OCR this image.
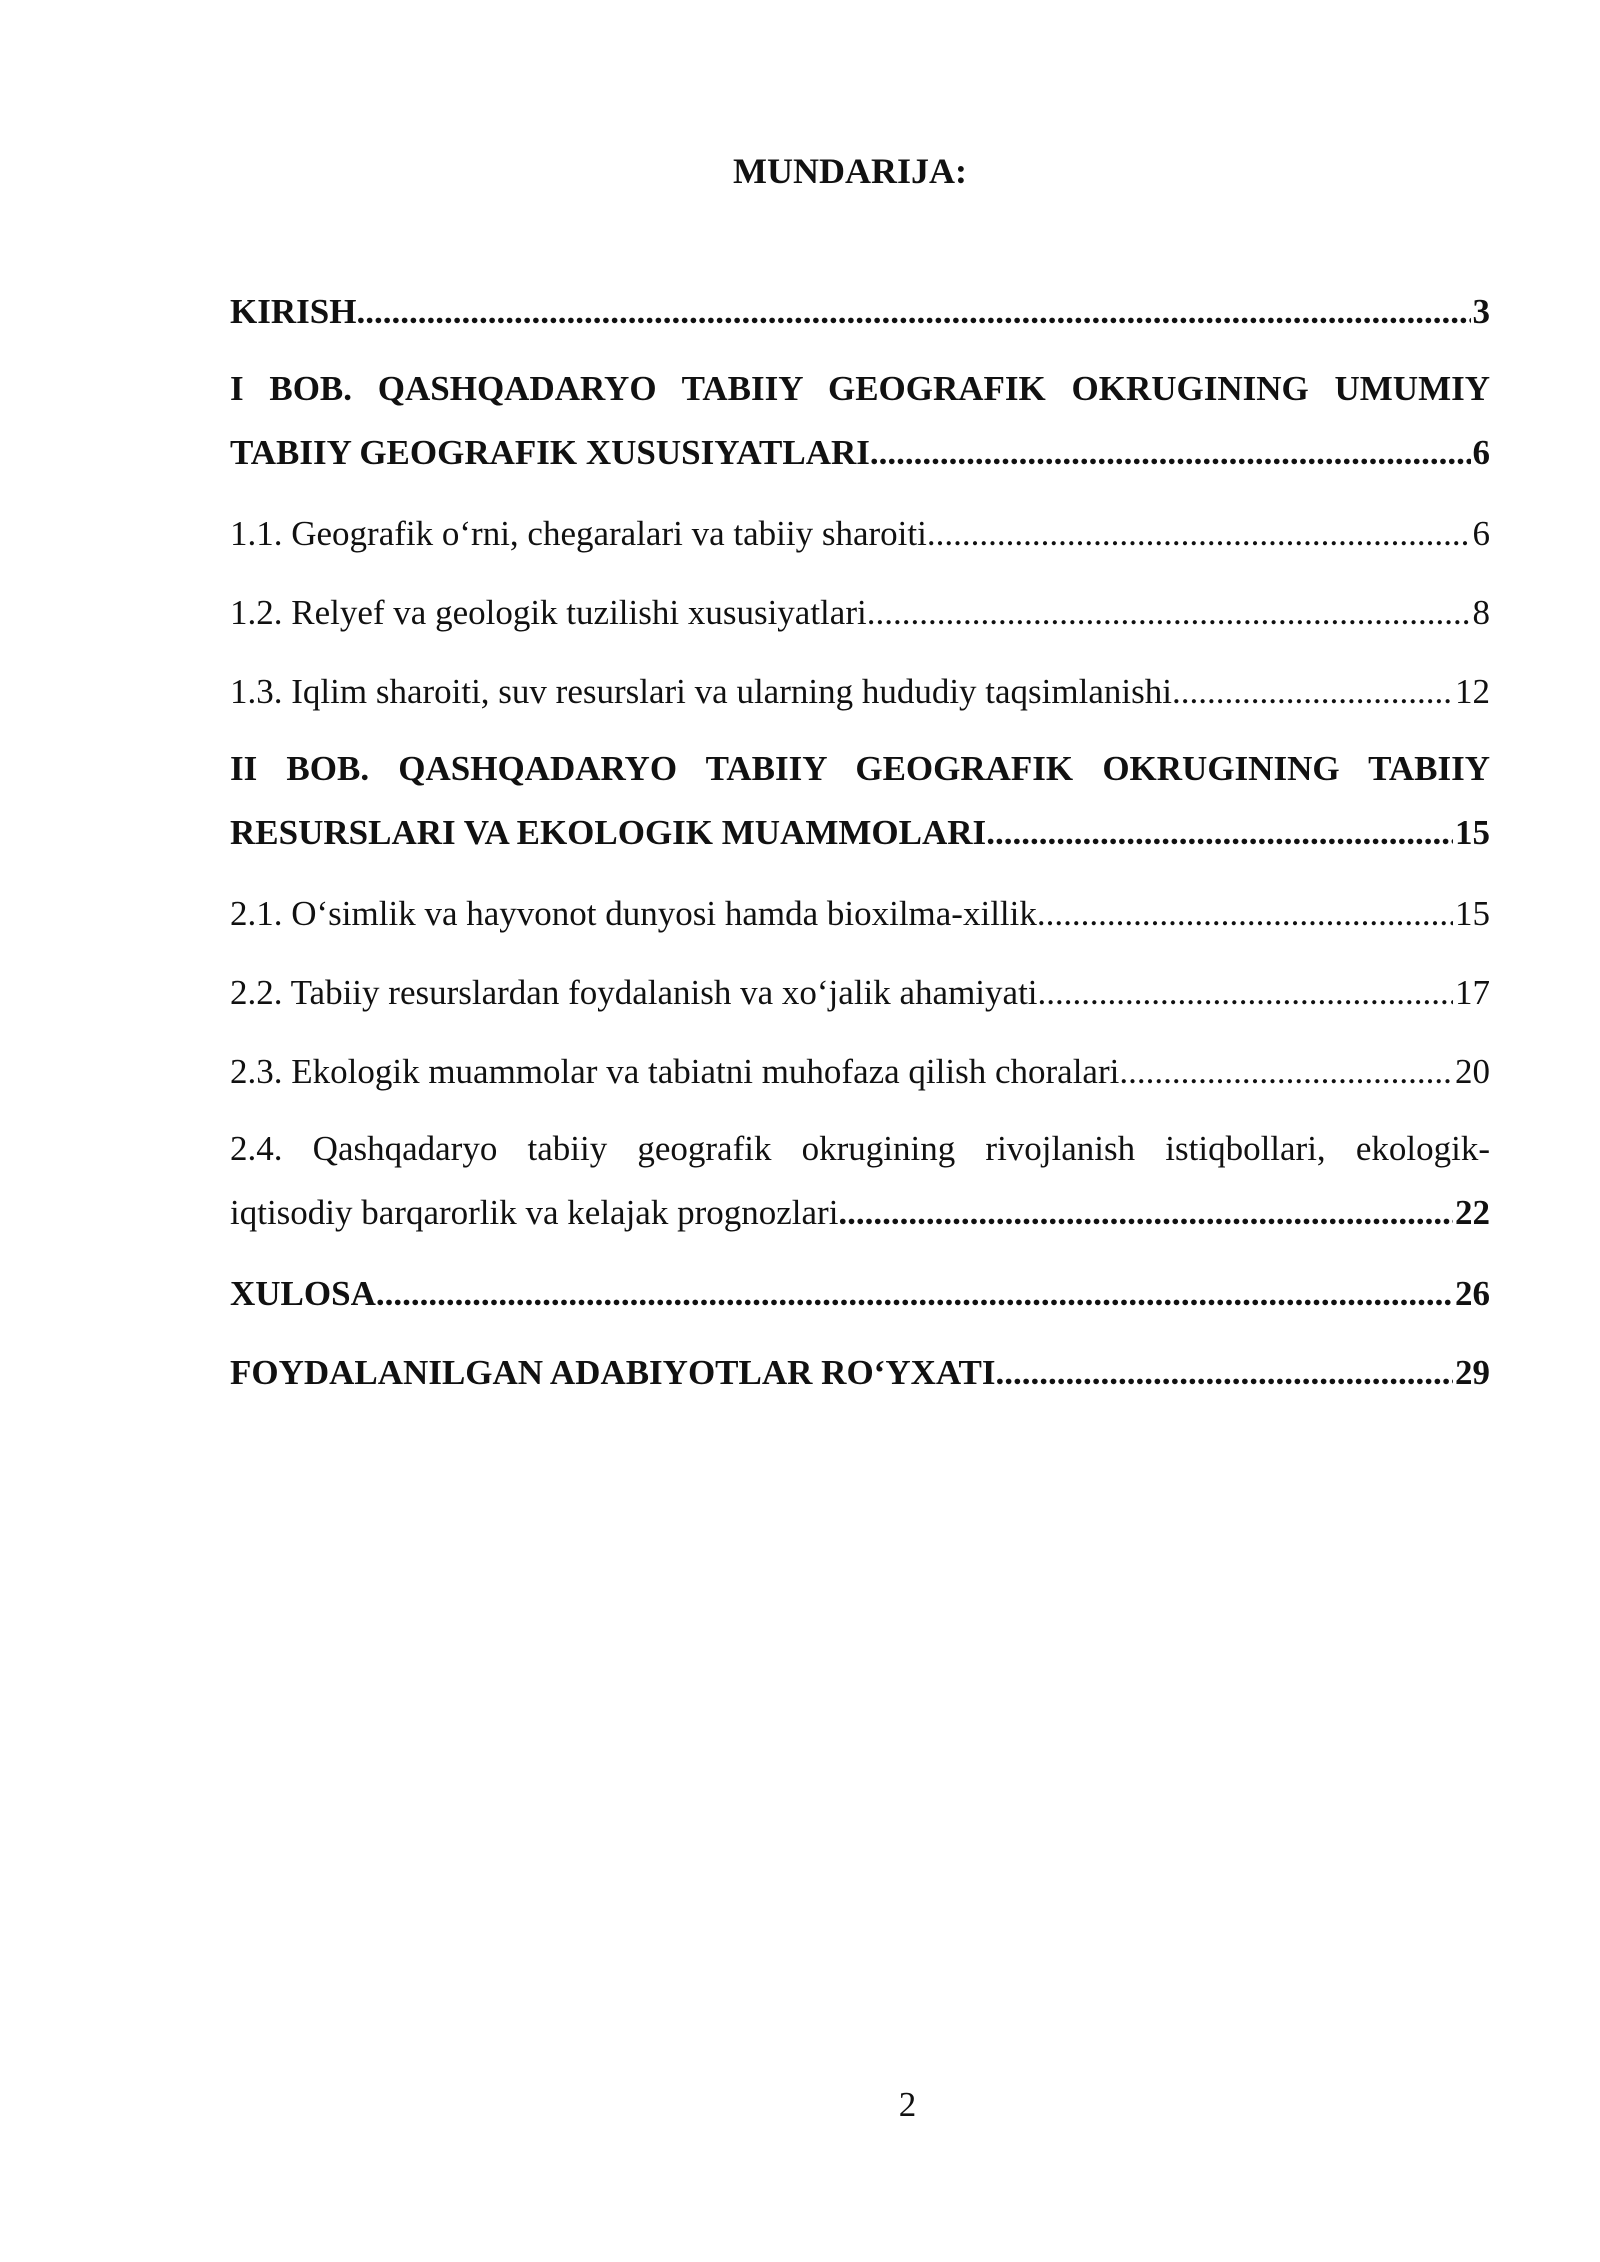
MUNDARIJA:
KIRISH .....	3
I BOB. QASHQADARYO TABIIY GEOGRAFIK OKRUGINING UMUMIY
TABIIY GEOGRAFIK XUSUSIYATLARI .....	6
1.1. Geografik o‘rni, chegaralari va tabiiy sharoiti .....	6
1.2. Relyef va geologik tuzilishi xususiyatlari .....	8
1.3. Iqlim sharoiti, suv resurslari va ularning hududiy taqsimlanishi .....	12
II BOB. QASHQADARYO TABIIY GEOGRAFIK OKRUGINING TABIIY
RESURSLARI VA EKOLOGIK MUAMMOLARI .....	15
2.1. O‘simlik va hayvonot dunyosi hamda bioxilma-xillik .....	15
2.2. Tabiiy resurslardan foydalanish va xo‘jalik ahamiyati .....	17
2.3. Ekologik muammolar va tabiatni muhofaza qilish choralari .....	20
2.4. Qashqadaryo tabiiy geografik okrugining rivojlanish istiqbollari, ekologik-
iqtisodiy barqarorlik va kelajak prognozlari .....	22
XULOSA .....	26
FOYDALANILGAN ADABIYOTLAR RO‘YXATI .....	29
2
